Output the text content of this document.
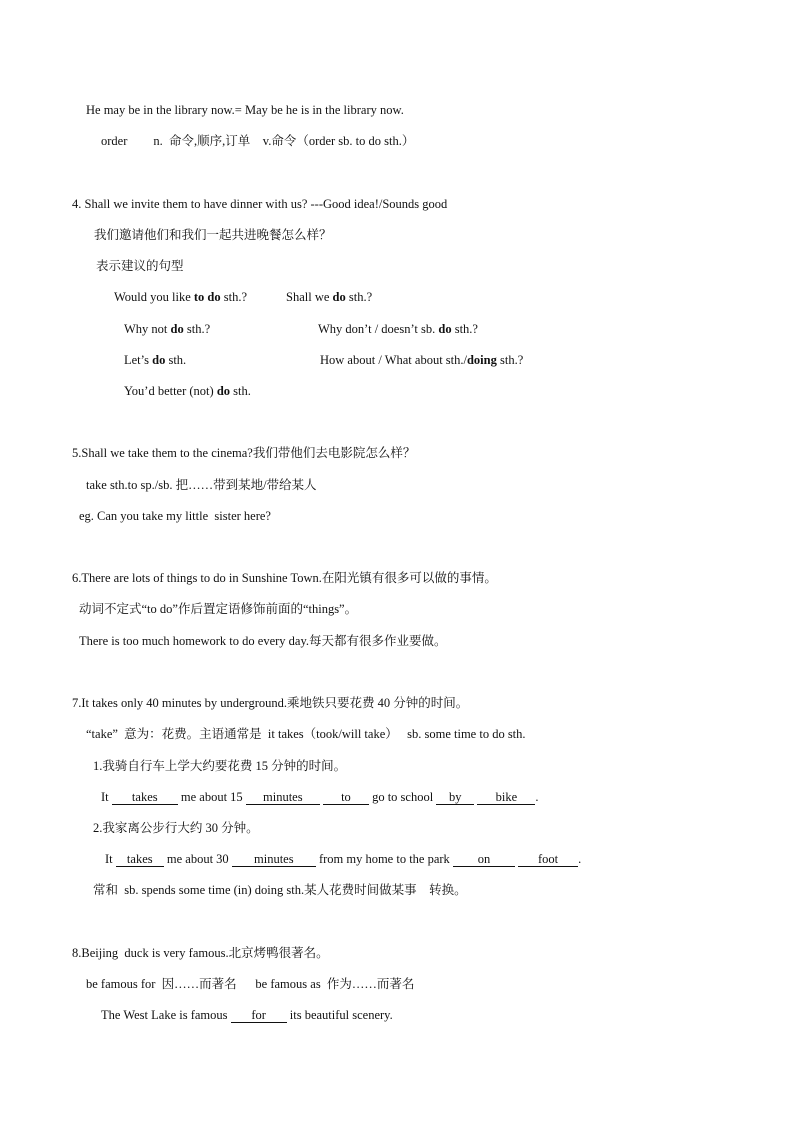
He may be in the library now.= May be he is in the library now.
order n.  命令,顺序,订单    v.命令（order sb. to do sth.）
4. Shall we invite them to have dinner with us? ---Good idea!/Sounds good
我们邀请他们和我们一起共进晚餐怎么样？
表示建议的句型
Would you like to do sth.?	Shall we do sth.?
Why not do sth.?	Why don’t / doesn’t sb. do sth.?
Let’s do sth.	How about / What about sth./doing sth.?
You’d better (not) do sth.
5.Shall we take them to the cinema?我们带他们去电影院怎么样？
take sth.to sp./sb. 把……带到某地/带给某人
eg. Can you take my little  sister here?
6.There are lots of things to do in Sunshine Town.在阳光镇有很多可以做的事情。
动词不定式“to do”作后置定语修饰前面的“things”。
There is too much homework to do every day.每天都有很多作业要做。
7.It takes only 40 minutes by underground.乘地铁只要花费 40 分钟的时间。
“take”  意为：花费。主语通常是  it takes（took/will take）   sb. some time to do sth.
1.我骑自行车上学大约要花费 15 分钟的时间。
It takes me about 15 minutes	to go to school by	bike .
2.我家离公步行大约 30 分钟。
It takes me about 30 minutes from my home to the park on	foot .
常和  sb. spends some time (in) doing sth.某人花费时间做某事    转换。
8.Beijing  duck is very famous.北京烤鸭很著名。
be famous for  因……而著名      be famous as  作为……而著名
The West Lake is famous for its beautiful scenery.
